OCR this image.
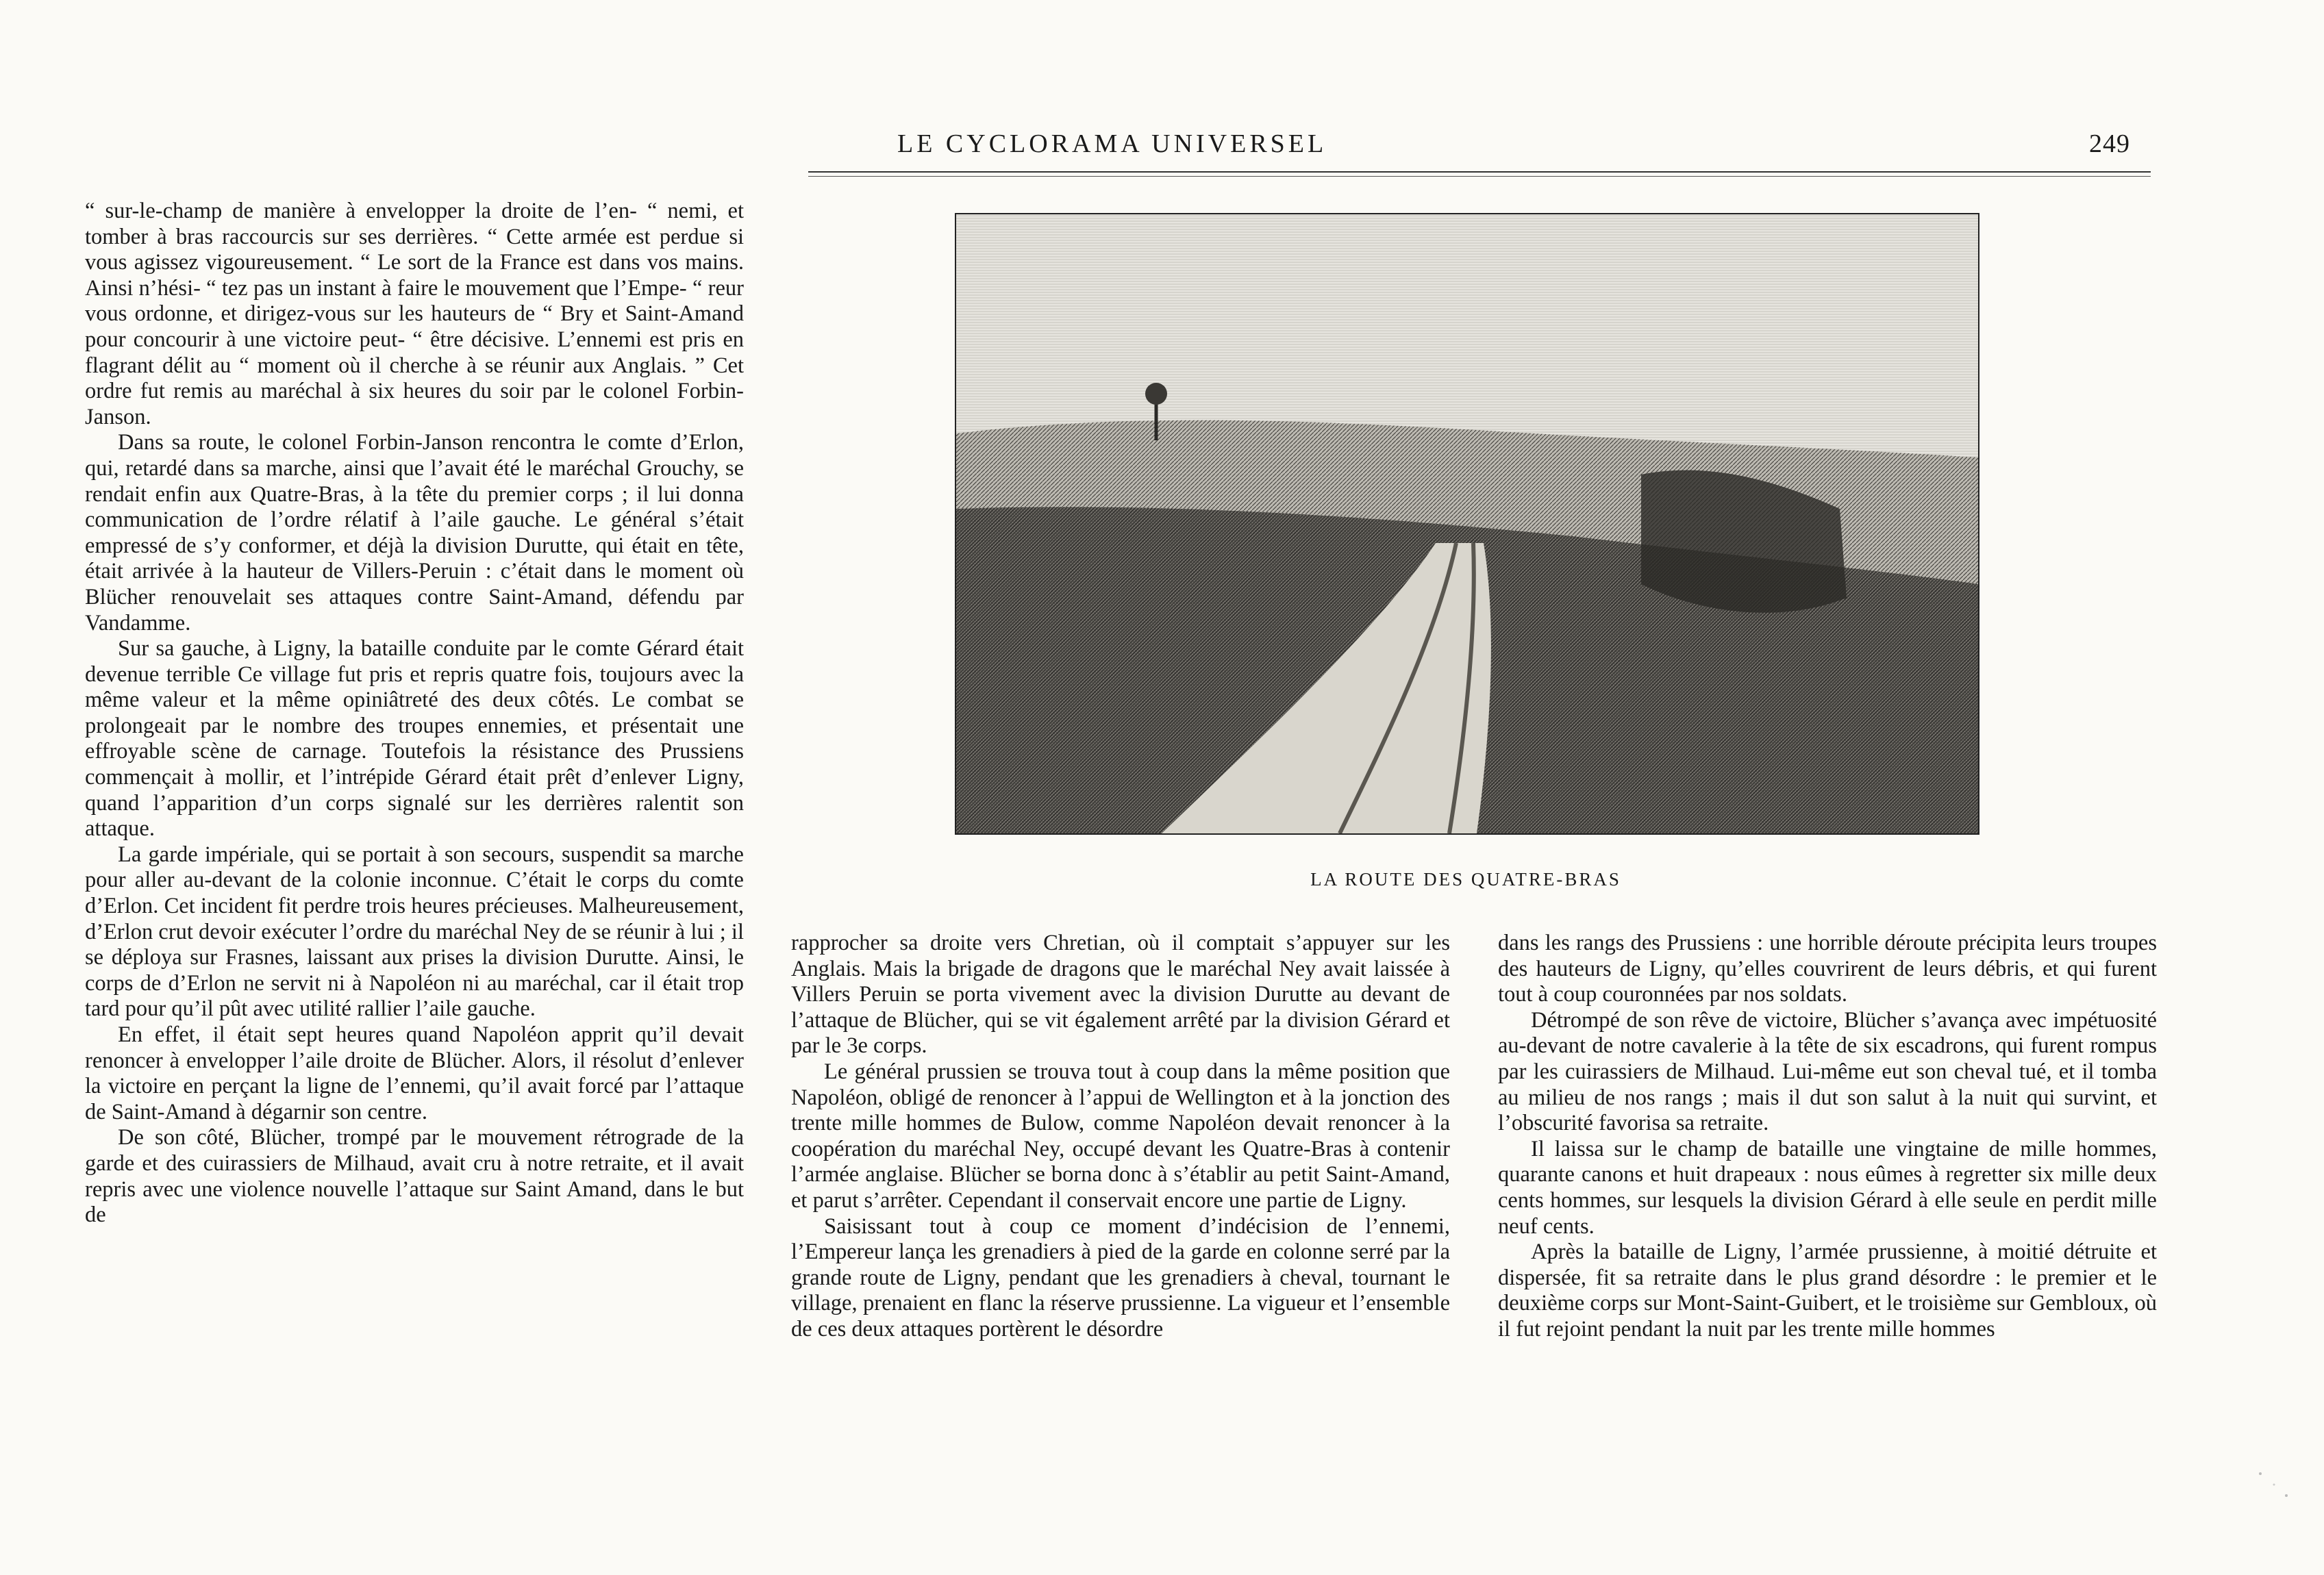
LE CYCLORAMA UNIVERSEL	249

“ sur-le-champ de manière à envelopper la droite de l’en- “ nemi, et tomber à bras raccourcis sur ses derrières. “ Cette armée est perdue si vous agissez vigoureusement. “ Le sort de la France est dans vos mains. Ainsi n’hési- “ tez pas un instant à faire le mouvement que l’Empe- “ reur vous ordonne, et dirigez-vous sur les hauteurs de “ Bry et Saint-Amand pour concourir à une victoire peut- “ être décisive. L’ennemi est pris en flagrant délit au “ moment où il cherche à se réunir aux Anglais. ” Cet ordre fut remis au maréchal à six heures du soir par le colonel Forbin-Janson.

Dans sa route, le colonel Forbin-Janson rencontra le comte d’Erlon, qui, retardé dans sa marche, ainsi que l’avait été le maréchal Grouchy, se rendait enfin aux Quatre-Bras, à la tête du premier corps ; il lui donna communication de l’ordre rélatif à l’aile gauche. Le général s’était empressé de s’y conformer, et déjà la division Durutte, qui était en tête, était arrivée à la hauteur de Villers-Peruin : c’était dans le moment où Blücher renouvelait ses attaques contre Saint-Amand, défendu par Vandamme.

Sur sa gauche, à Ligny, la bataille conduite par le comte Gérard était devenue terrible Ce village fut pris et repris quatre fois, toujours avec la même valeur et la même opiniâtreté des deux côtés. Le combat se prolongeait par le nombre des troupes ennemies, et présentait une effroyable scène de carnage. Toutefois la résistance des Prussiens commençait à mollir, et l’intrépide Gérard était prêt d’enlever Ligny, quand l’apparition d’un corps signalé sur les derrières ralentit son attaque.

La garde impériale, qui se portait à son secours, suspendit sa marche pour aller au-devant de la colonie inconnue. C’était le corps du comte d’Erlon. Cet incident fit perdre trois heures précieuses. Malheureusement, d’Erlon crut devoir exécuter l’ordre du maréchal Ney de se réunir à lui ; il se déploya sur Frasnes, laissant aux prises la division Durutte. Ainsi, le corps de d’Erlon ne servit ni à Napoléon ni au maréchal, car il était trop tard pour qu’il pût avec utilité rallier l’aile gauche.

En effet, il était sept heures quand Napoléon apprit qu’il devait renoncer à envelopper l’aile droite de Blücher. Alors, il résolut d’enlever la victoire en perçant la ligne de l’ennemi, qu’il avait forcé par l’attaque de Saint-Amand à dégarnir son centre.

De son côté, Blücher, trompé par le mouvement rétrograde de la garde et des cuirassiers de Milhaud, avait cru à notre retraite, et il avait repris avec une violence nouvelle l’attaque sur Saint Amand, dans le but de

LA ROUTE DES QUATRE-BRAS

rapprocher sa droite vers Chretian, où il comptait s’appuyer sur les Anglais. Mais la brigade de dragons que le maréchal Ney avait laissée à Villers Peruin se porta vivement avec la division Durutte au devant de l’attaque de Blücher, qui se vit également arrêté par la division Gérard et par le 3e corps.

Le général prussien se trouva tout à coup dans la même position que Napoléon, obligé de renoncer à l’appui de Wellington et à la jonction des trente mille hommes de Bulow, comme Napoléon devait renoncer à la coopération du maréchal Ney, occupé devant les Quatre-Bras à contenir l’armée anglaise. Blücher se borna donc à s’établir au petit Saint-Amand, et parut s’arrêter. Cependant il conservait encore une partie de Ligny.

Saisissant tout à coup ce moment d’indécision de l’ennemi, l’Empereur lança les grenadiers à pied de la garde en colonne serré par la grande route de Ligny, pendant que les grenadiers à cheval, tournant le village, prenaient en flanc la réserve prussienne. La vigueur et l’ensemble de ces deux attaques portèrent le désordre

dans les rangs des Prussiens : une horrible déroute précipita leurs troupes des hauteurs de Ligny, qu’elles couvrirent de leurs débris, et qui furent tout à coup couronnées par nos soldats.

Détrompé de son rêve de victoire, Blücher s’avança avec impétuosité au-devant de notre cavalerie à la tête de six escadrons, qui furent rompus par les cuirassiers de Milhaud. Lui-même eut son cheval tué, et il tomba au milieu de nos rangs ; mais il dut son salut à la nuit qui survint, et l’obscurité favorisa sa retraite.

Il laissa sur le champ de bataille une vingtaine de mille hommes, quarante canons et huit drapeaux : nous eûmes à regretter six mille deux cents hommes, sur lesquels la division Gérard à elle seule en perdit mille neuf cents.

Après la bataille de Ligny, l’armée prussienne, à moitié détruite et dispersée, fit sa retraite dans le plus grand désordre : le premier et le deuxième corps sur Mont-Saint-Guibert, et le troisième sur Gembloux, où il fut rejoint pendant la nuit par les trente mille hommes
